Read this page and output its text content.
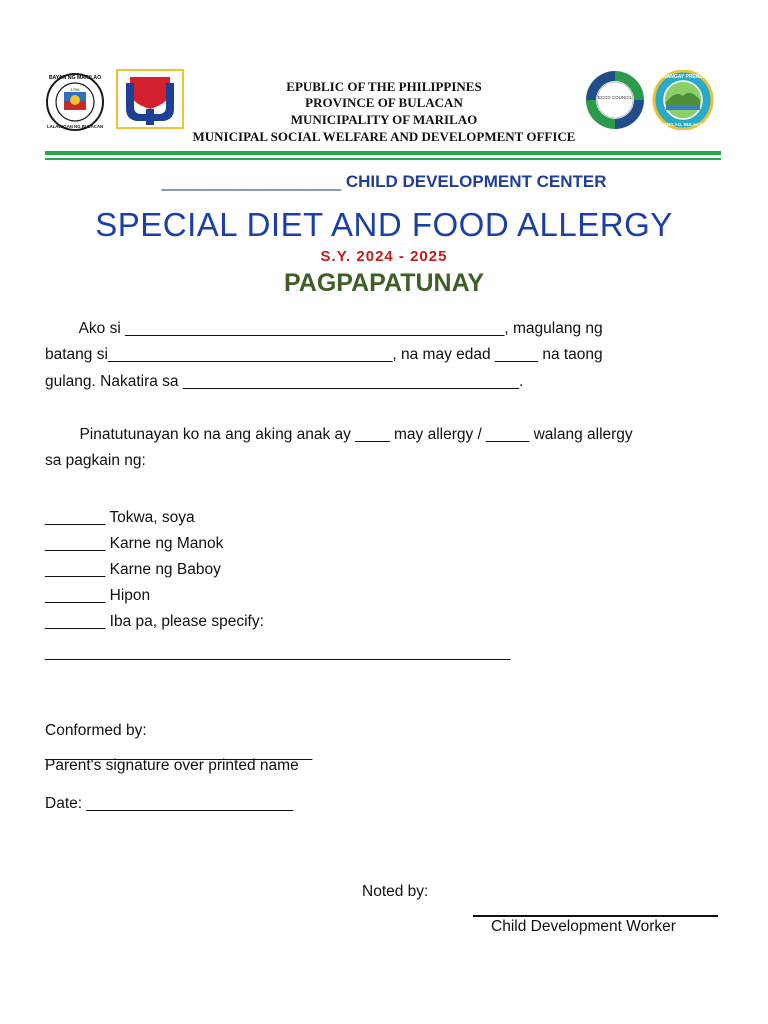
1796
BAYAN NG MARILAO
LALAWIGAN NG BULACAN
ECCD COUNCIL
BARANGAY PRENZA II
MARILAO, BULACAN
EPUBLIC OF THE PHILIPPINES
PROVINCE OF BULACAN
MUNICIPALITY OF MARILAO
MUNICIPAL SOCIAL WELFARE AND DEVELOPMENT OFFICE
___________________ CHILD DEVELOPMENT CENTER
SPECIAL DIET AND FOOD ALLERGY
S.Y. 2024 - 2025
PAGPAPATUNAY
Ako si ____________________________________________, magulang ng
batang si_________________________________, na may edad _____ na taong
gulang. Nakatira sa _______________________________________.
Pinatutunayan ko na ang aking anak ay ____ may allergy / _____ walang allergy
sa pagkain ng:
_______ Tokwa, soya
_______ Karne ng Manok
_______ Karne ng Baboy
_______ Hipon
_______ Iba pa, please specify:
______________________________________________________
Conformed by:
_______________________________
Parent's signature over printed name
Date: ________________________
Noted by:
Child Development Worker
